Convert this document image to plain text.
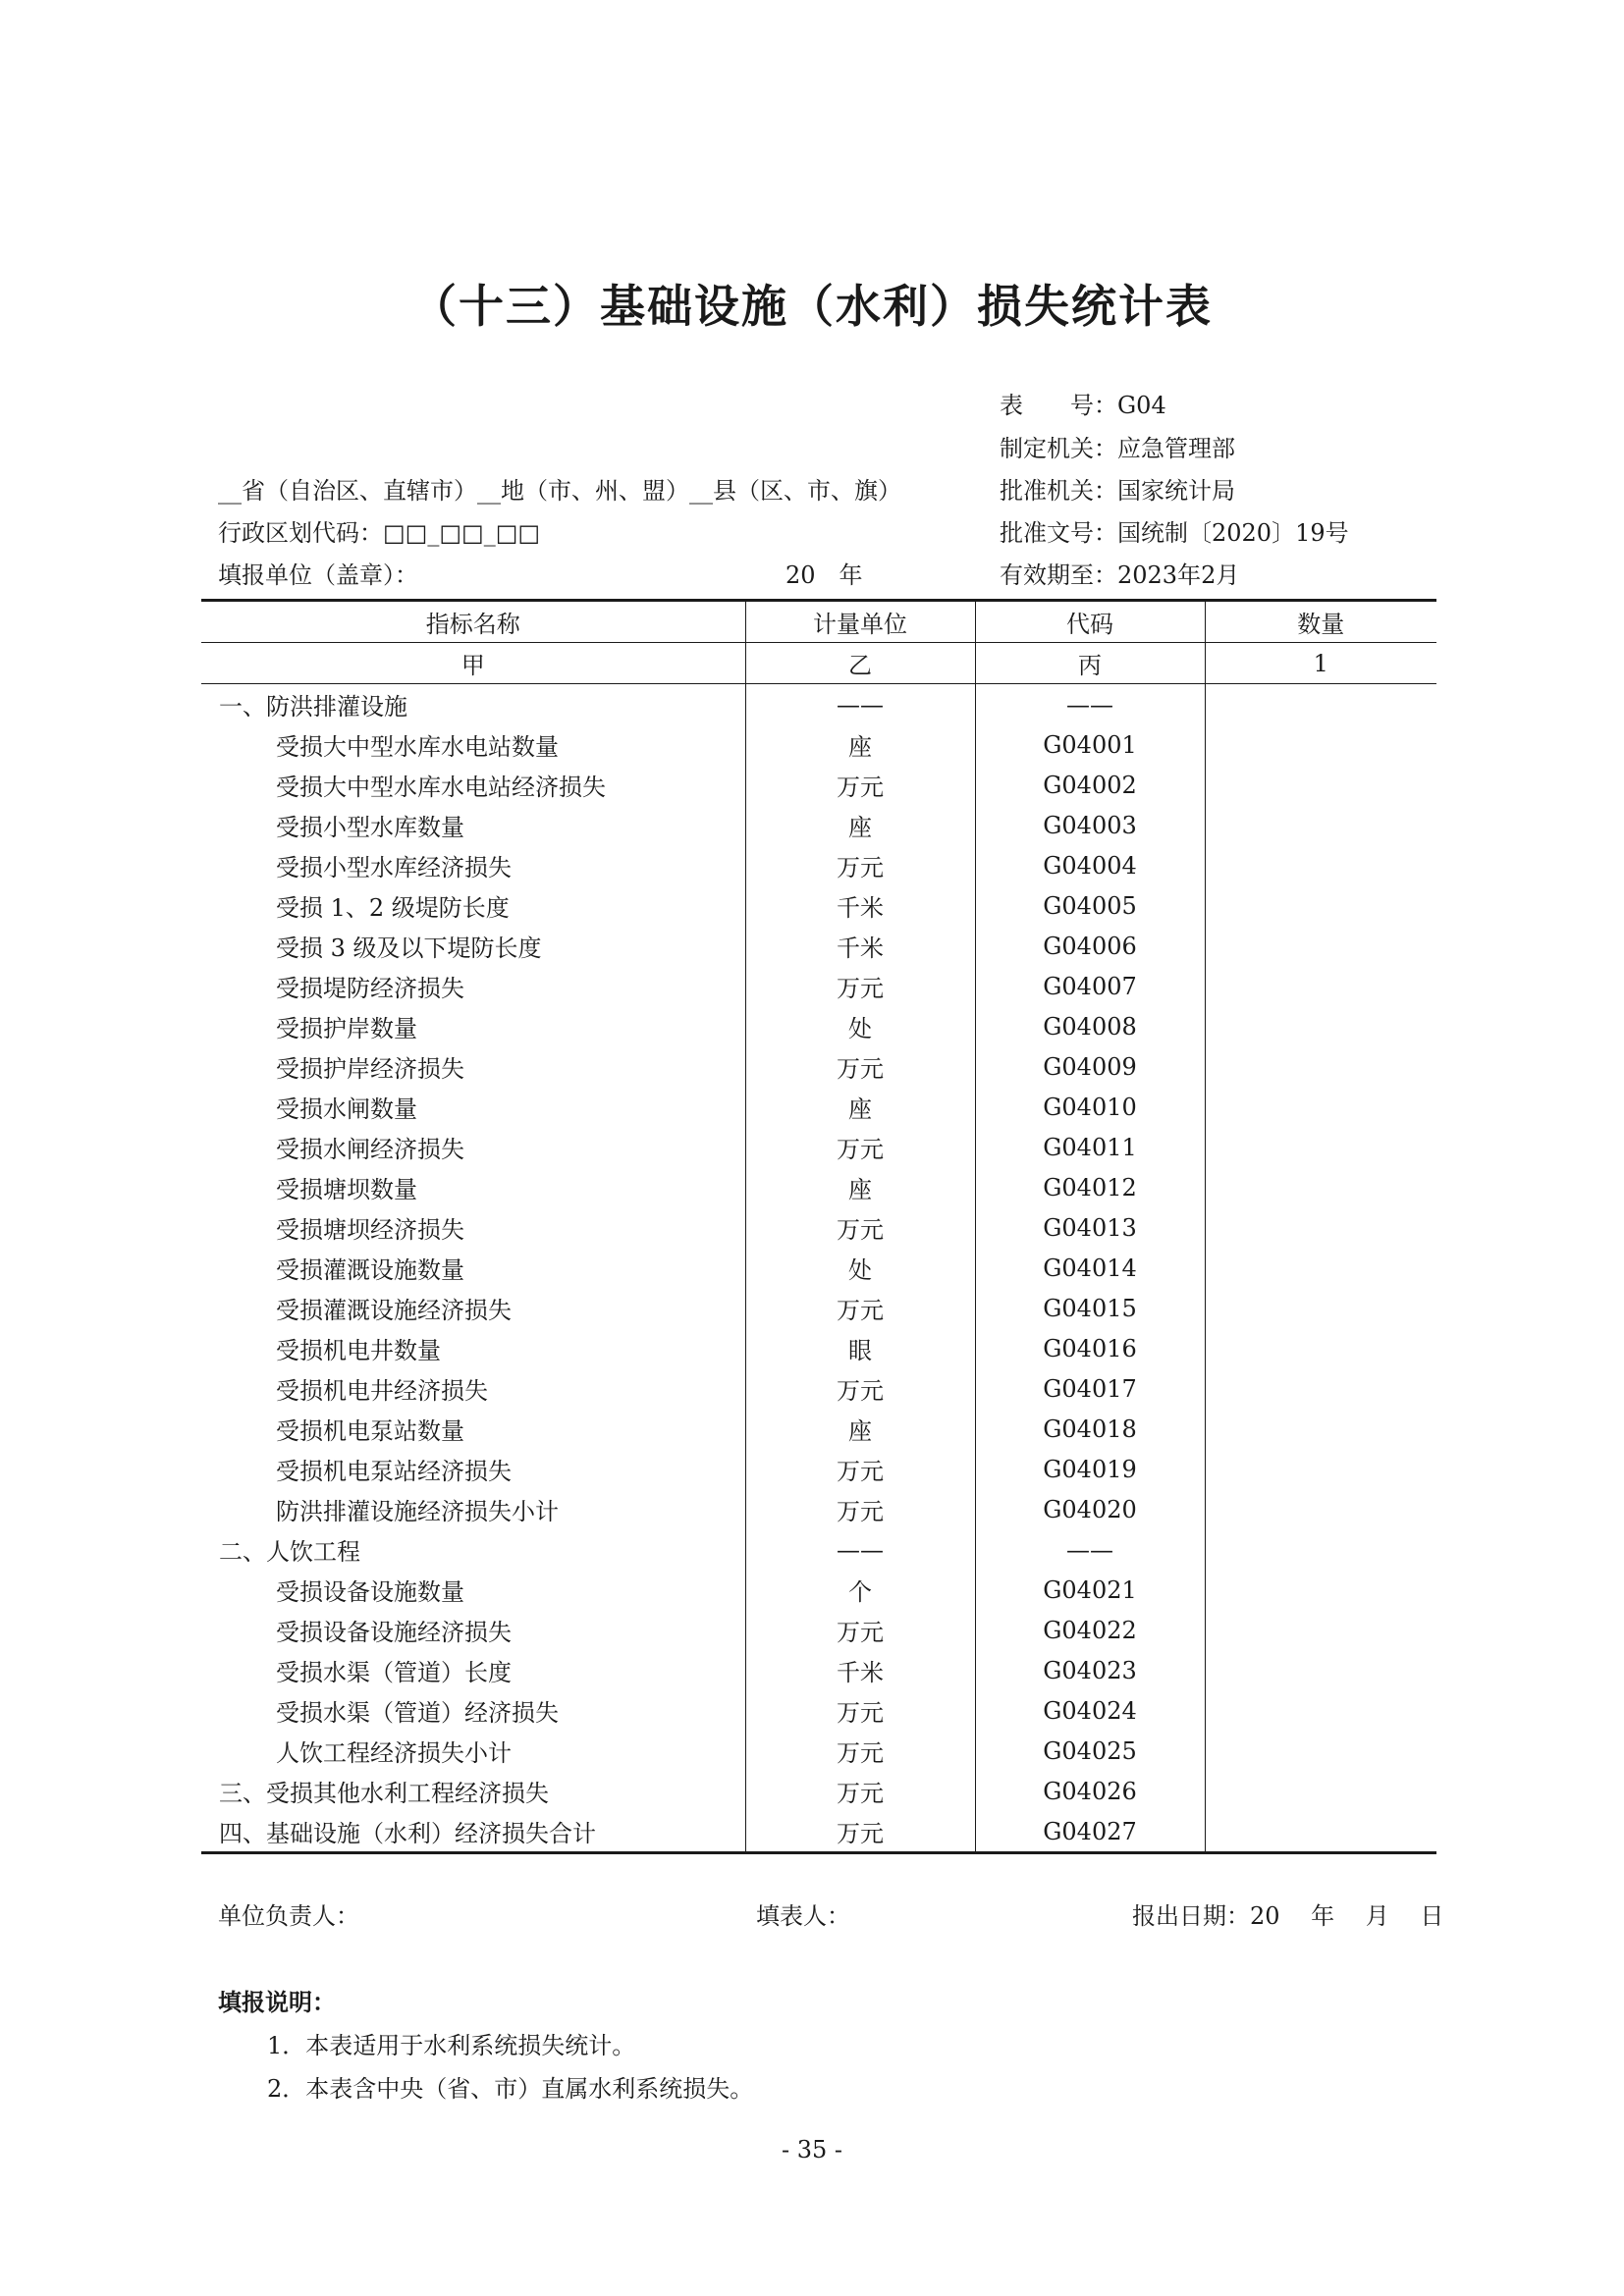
（十三）基础设施（水利）损失统计表
表　　号：G04
制定机关：应急管理部
批准机关：国家统计局
批准文号：国统制〔2020〕19号
有效期至：2023年2月
__省（自治区、直辖市）__地（市、州、盟）__县（区、市、旗）
行政区划代码：□□_□□_□□
填报单位（盖章）：	20　年
指标名称	计量单位	代码	数量
甲	乙	丙	1
一、防洪排灌设施	——	——	
受损大中型水库水电站数量	座	G04001	
受损大中型水库水电站经济损失	万元	G04002	
受损小型水库数量	座	G04003	
受损小型水库经济损失	万元	G04004	
受损 1、2 级堤防长度	千米	G04005	
受损 3 级及以下堤防长度	千米	G04006	
受损堤防经济损失	万元	G04007	
受损护岸数量	处	G04008	
受损护岸经济损失	万元	G04009	
受损水闸数量	座	G04010	
受损水闸经济损失	万元	G04011	
受损塘坝数量	座	G04012	
受损塘坝经济损失	万元	G04013	
受损灌溉设施数量	处	G04014	
受损灌溉设施经济损失	万元	G04015	
受损机电井数量	眼	G04016	
受损机电井经济损失	万元	G04017	
受损机电泵站数量	座	G04018	
受损机电泵站经济损失	万元	G04019	
防洪排灌设施经济损失小计	万元	G04020	
二、人饮工程	——	——	
受损设备设施数量	个	G04021	
受损设备设施经济损失	万元	G04022	
受损水渠（管道）长度	千米	G04023	
受损水渠（管道）经济损失	万元	G04024	
人饮工程经济损失小计	万元	G04025	
三、受损其他水利工程经济损失	万元	G04026	
四、基础设施（水利）经济损失合计	万元	G04027	
单位负责人：	填表人：	报出日期：20　 年　 月　 日
填报说明：
1．本表适用于水利系统损失统计。
2．本表含中央（省、市）直属水利系统损失。
- 35 -
